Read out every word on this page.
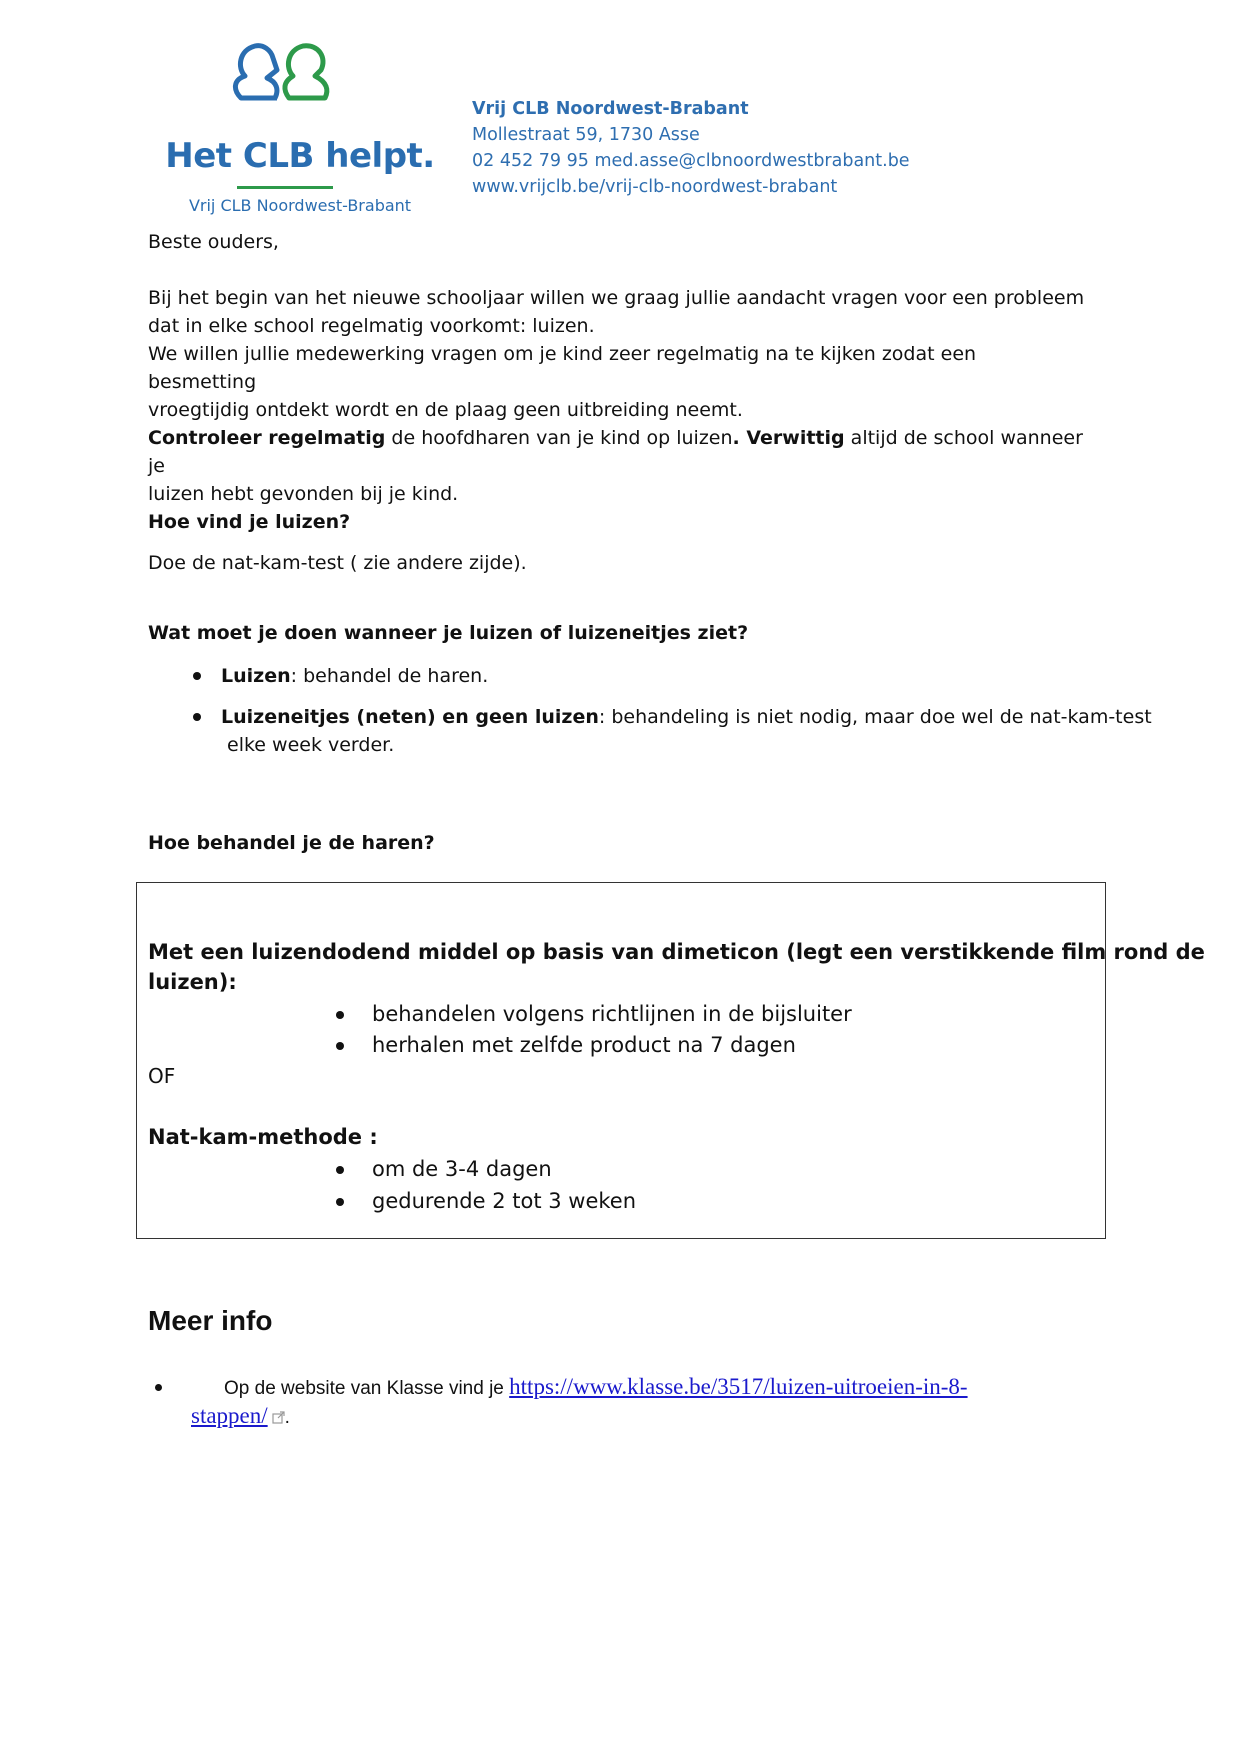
Het CLB helpt.
Vrij CLB Noordwest-Brabant
Vrij CLB Noordwest-Brabant
Mollestraat 59, 1730 Asse
02 452 79 95 med.asse@clbnoordwestbrabant.be
www.vrijclb.be/vrij-clb-noordwest-brabant
Beste ouders,
Bij het begin van het nieuwe schooljaar willen we graag jullie aandacht vragen voor een probleem
dat in elke school regelmatig voorkomt: luizen.
We willen jullie medewerking vragen om je kind zeer regelmatig na te kijken zodat een besmetting
vroegtijdig ontdekt wordt en de plaag geen uitbreiding neemt.
Controleer regelmatig de hoofdharen van je kind op luizen. Verwittig altijd de school wanneer je
luizen hebt gevonden bij je kind.
Hoe vind je luizen?
Doe de nat-kam-test ( zie andere zijde).
Wat moet je doen wanneer je luizen of luizeneitjes ziet?
Luizen: behandel de haren.
Luizeneitjes (neten) en geen luizen: behandeling is niet nodig, maar doe wel de nat-kam-test
elke week verder.
Hoe behandel je de haren?
Met een luizendodend middel op basis van dimeticon (legt een verstikkende film rond de
luizen):
behandelen volgens richtlijnen in de bijsluiter
herhalen met zelfde product na 7 dagen
OF
Nat-kam-methode :
om de 3-4 dagen
gedurende 2 tot 3 weken
Meer info
Op de website van Klasse vind je https://www.klasse.be/3517/luizen-uitroeien-in-8-
stappen/ .
